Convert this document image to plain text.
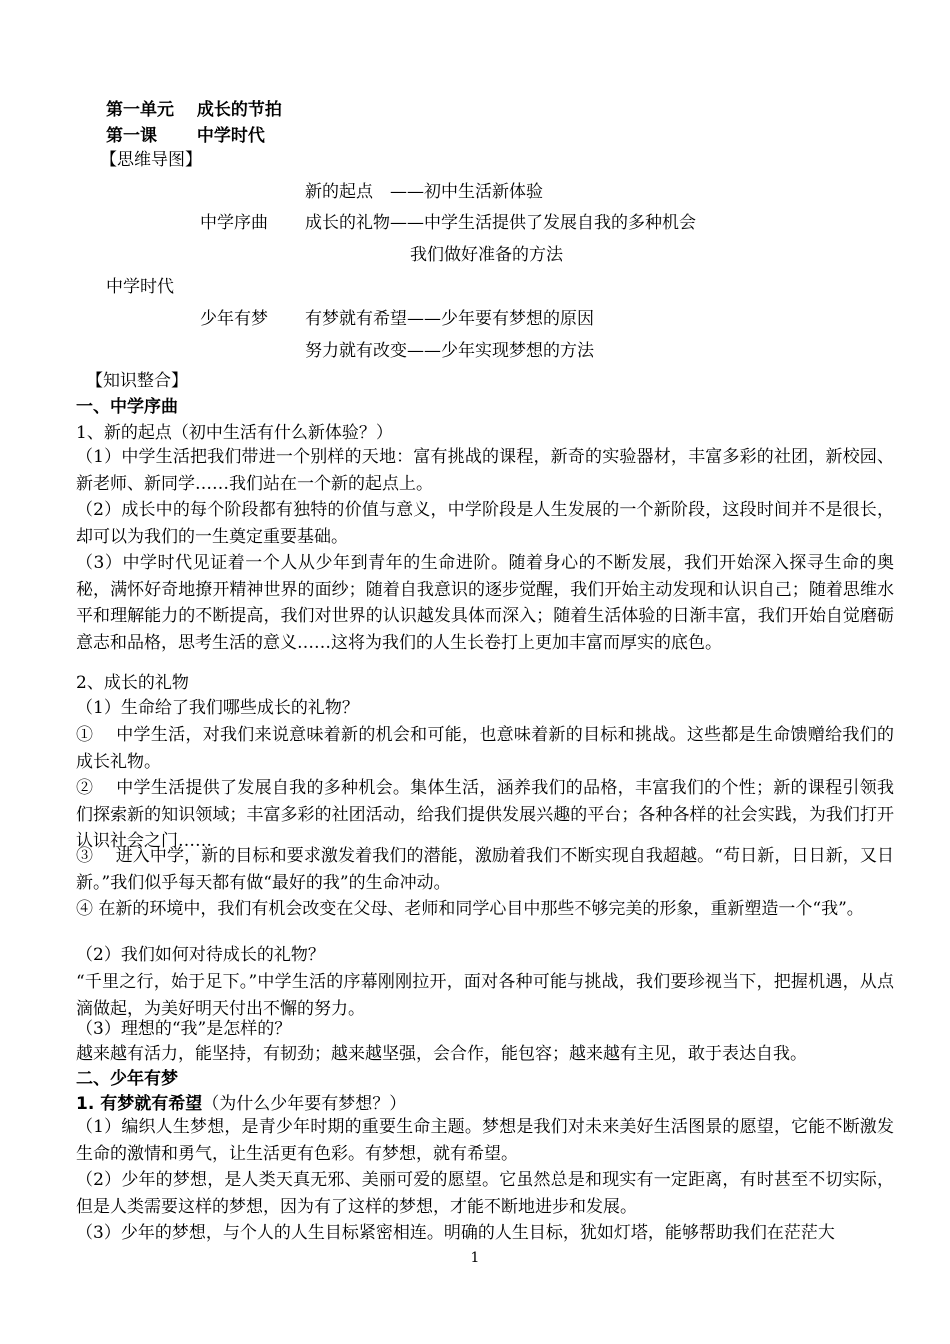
第一单元　 成长的节拍
第一课　　 中学时代
【思维导图】
新的起点　——初中生活新体验
中学序曲 成长的礼物——中学生活提供了发展自我的多种机会
我们做好准备的方法
中学时代
少年有梦 有梦就有希望——少年要有梦想的原因
努力就有改变——少年实现梦想的方法
【知识整合】
一、中学序曲
1、新的起点（初中生活有什么新体验？）
（1）中学生活把我们带进一个别样的天地：富有挑战的课程，新奇的实验器材，丰富多彩的社团，新校园、新老师、新同学……我们站在一个新的起点上。
（2）成长中的每个阶段都有独特的价值与意义，中学阶段是人生发展的一个新阶段，这段时间并不是很长，却可以为我们的一生奠定重要基础。
（3）中学时代见证着一个人从少年到青年的生命进阶。随着身心的不断发展，我们开始深入探寻生命的奥秘，满怀好奇地撩开精神世界的面纱；随着自我意识的逐步觉醒，我们开始主动发现和认识自己；随着思维水平和理解能力的不断提高，我们对世界的认识越发具体而深入；随着生活体验的日渐丰富，我们开始自觉磨砺意志和品格，思考生活的意义……这将为我们的人生长卷打上更加丰富而厚实的底色。
2、成长的礼物
（1）生命给了我们哪些成长的礼物？
①　 中学生活，对我们来说意味着新的机会和可能，也意味着新的目标和挑战。这些都是生命馈赠给我们的成长礼物。
②　 中学生活提供了发展自我的多种机会。集体生活，涵养我们的品格，丰富我们的个性；新的课程引领我们探索新的知识领域；丰富多彩的社团活动，给我们提供发展兴趣的平台；各种各样的社会实践，为我们打开认识社会之门……
③　 进入中学，新的目标和要求激发着我们的潜能，激励着我们不断实现自我超越。“苟日新，日日新，又日新。”我们似乎每天都有做“最好的我”的生命冲动。
④ 在新的环境中，我们有机会改变在父母、老师和同学心目中那些不够完美的形象，重新塑造一个“我”。
（2）我们如何对待成长的礼物？
“千里之行，始于足下。”中学生活的序幕刚刚拉开，面对各种可能与挑战，我们要珍视当下，把握机遇，从点滴做起，为美好明天付出不懈的努力。
（3）理想的“我”是怎样的？
越来越有活力，能坚持，有韧劲；越来越坚强，会合作，能包容；越来越有主见，敢于表达自我。
二、少年有梦
1. 有梦就有希望（为什么少年要有梦想？）
（1）编织人生梦想，是青少年时期的重要生命主题。梦想是我们对未来美好生活图景的愿望，它能不断激发生命的激情和勇气，让生活更有色彩。有梦想，就有希望。
（2）少年的梦想，是人类天真无邪、美丽可爱的愿望。它虽然总是和现实有一定距离，有时甚至不切实际，但是人类需要这样的梦想，因为有了这样的梦想，才能不断地进步和发展。
（3）少年的梦想，与个人的人生目标紧密相连。明确的人生目标，犹如灯塔，能够帮助我们在茫茫大
1
